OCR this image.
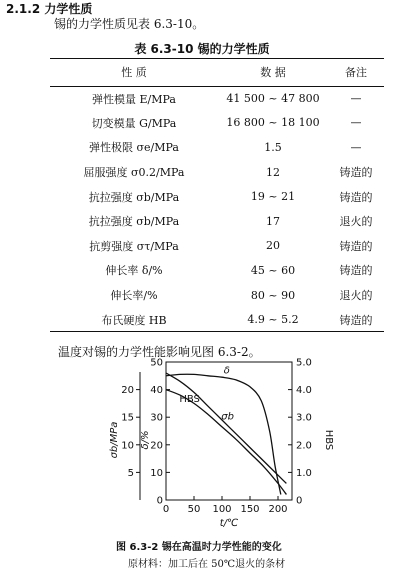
2.1.2 力学性质
锡的力学性质见表 6.3-10。
表 6.3-10 锡的力学性质
性 质	数 据	备注
弹性模量 E/MPa	41 500 ~ 47 800	—
切变模量 G/MPa	16 800 ~ 18 100	—
弹性极限 σe/MPa	1.5	—
屈服强度 σ0.2/MPa	12	铸造的
抗拉强度 σb/MPa	19 ~ 21	铸造的
抗拉强度 σb/MPa	17	退火的
抗剪强度 στ/MPa	20	铸造的
伸长率 δ/%	45 ~ 60	铸造的
伸长率/%	80 ~ 90	退火的
布氏硬度 HB	4.9 ~ 5.2	铸造的
温度对锡的力学性能影响见图 6.3-2。
0 50 100 150 200
0
10
20
30
40
50
5
10
15
20
0
1.0
2.0
3.0
4.0
5.0
σb/MPa δ/%	HBS
t/℃
δ
HBS
σb
图 6.3-2 锡在高温时力学性能的变化
原材料：加工后在 50℃退火的条材
